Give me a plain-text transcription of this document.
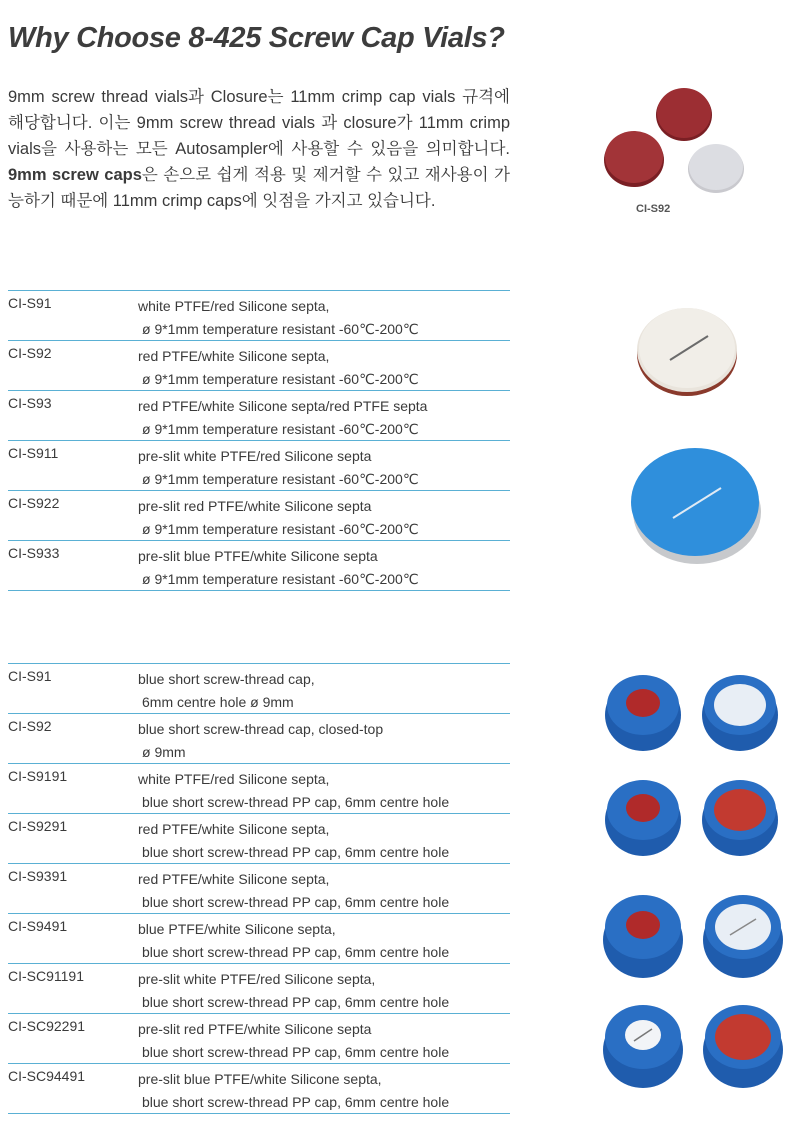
Why Choose 8-425 Screw Cap Vials?

9mm screw thread vials과 Closure는 11mm crimp cap vials 규격에 해당합니다. 이는 9mm screw thread vials 과 closure가 11mm crimp vials을 사용하는 모든 Autosampler에 사용할 수 있음을 의미합니다. 9mm screw caps은 손으로 쉽게 적용 및 제거할 수 있고 재사용이 가능하기 때문에 11mm crimp caps에 잇점을 가지고 있습니다.	CI-S92
CI-S91	white PTFE/red Silicone septa,
ø 9*1mm temperature resistant -60℃-200℃
CI-S92	red PTFE/white Silicone septa,
ø 9*1mm temperature resistant -60℃-200℃
CI-S93	red PTFE/white Silicone septa/red PTFE septa
ø 9*1mm temperature resistant -60℃-200℃
CI-S911	pre-slit white PTFE/red Silicone septa
ø 9*1mm temperature resistant -60℃-200℃
CI-S922	pre-slit red PTFE/white Silicone septa
ø 9*1mm temperature resistant -60℃-200℃
CI-S933	pre-slit blue PTFE/white Silicone septa
ø 9*1mm temperature resistant -60℃-200℃
CI-S91	blue short screw-thread cap,
6mm centre hole ø 9mm
CI-S92	blue short screw-thread cap, closed-top
ø 9mm
CI-S9191	white PTFE/red Silicone septa,
blue short screw-thread PP cap, 6mm centre hole
CI-S9291	red PTFE/white Silicone septa,
blue short screw-thread PP cap, 6mm centre hole
CI-S9391	red PTFE/white Silicone septa,
blue short screw-thread PP cap, 6mm centre hole
CI-S9491	blue PTFE/white Silicone septa,
blue short screw-thread PP cap, 6mm centre hole
CI-SC91191	pre-slit white PTFE/red Silicone septa,
blue short screw-thread PP cap, 6mm centre hole
CI-SC92291	pre-slit red PTFE/white Silicone septa
blue short screw-thread PP cap, 6mm centre hole
CI-SC94491	pre-slit blue PTFE/white Silicone septa,
blue short screw-thread PP cap, 6mm centre hole
